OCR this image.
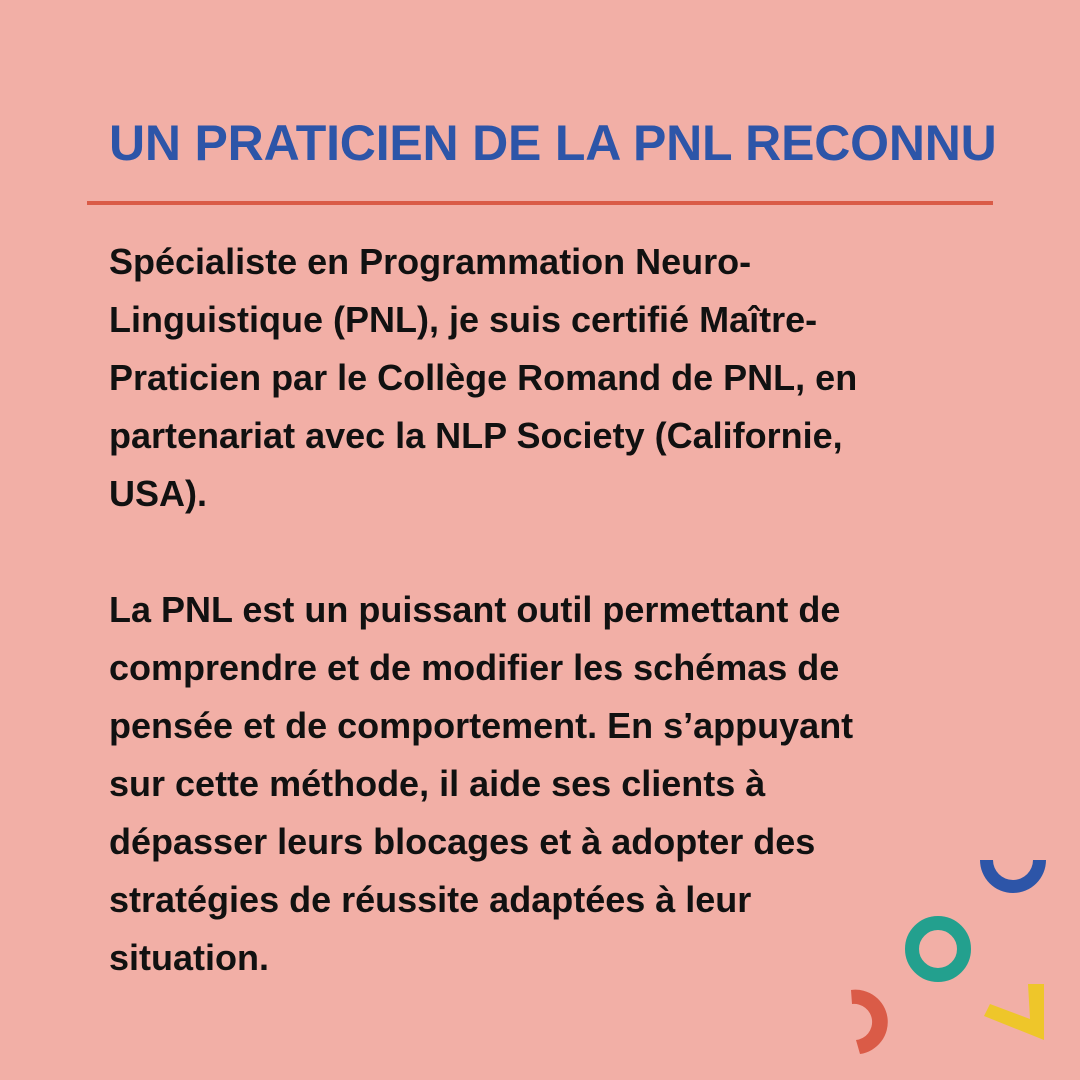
UN PRATICIEN DE LA PNL RECONNU
Spécialiste en Programmation Neuro-
Linguistique (PNL), je suis certifié Maître-
Praticien par le Collège Romand de PNL, en
partenariat avec la NLP Society (Californie,
USA).
La PNL est un puissant outil permettant de
comprendre et de modifier les schémas de
pensée et de comportement. En s’appuyant
sur cette méthode, il aide ses clients à
dépasser leurs blocages et à adopter des
stratégies de réussite adaptées à leur
situation.
